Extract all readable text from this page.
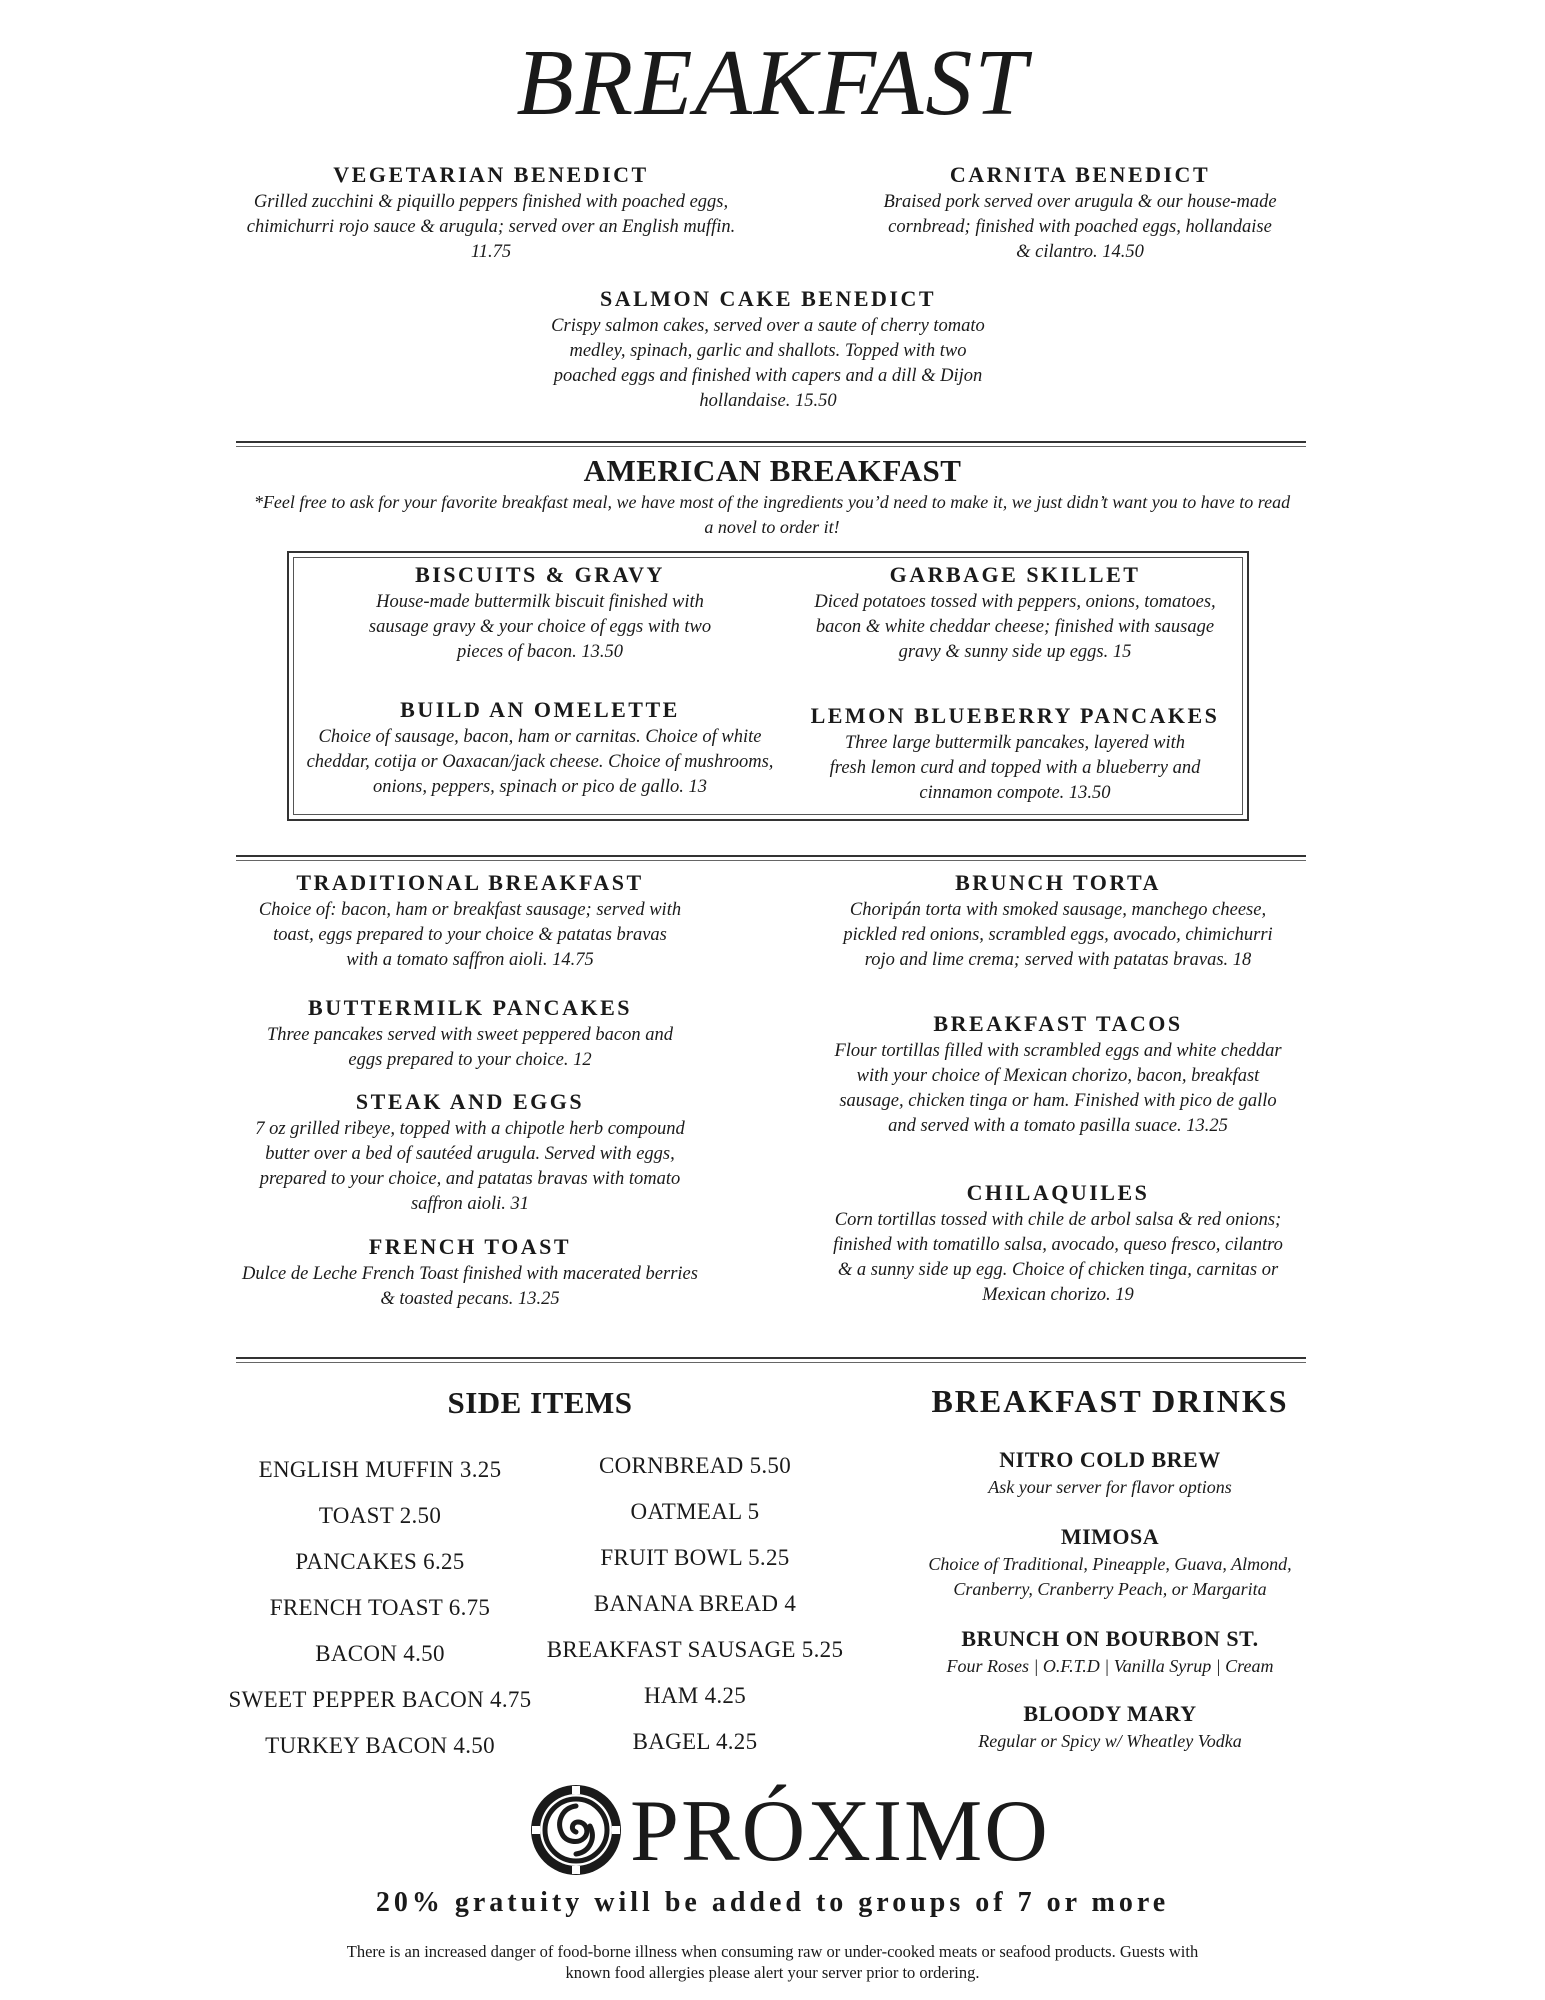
BREAKFAST
VEGETARIAN BENEDICT
Grilled zucchini & piquillo peppers finished with poached eggs, chimichurri rojo sauce & arugula; served over an English muffin. 11.75
CARNITA BENEDICT
Braised pork served over arugula & our house-made cornbread; finished with poached eggs, hollandaise & cilantro. 14.50
SALMON CAKE BENEDICT
Crispy salmon cakes, served over a saute of cherry tomato medley, spinach, garlic and shallots. Topped with two poached eggs and finished with capers and a dill & Dijon hollandaise. 15.50
AMERICAN BREAKFAST
*Feel free to ask for your favorite breakfast meal, we have most of the ingredients you’d need to make it, we just didn’t want you to have to read a novel to order it!
BISCUITS & GRAVY
House-made buttermilk biscuit finished with sausage gravy & your choice of eggs with two pieces of bacon. 13.50
GARBAGE SKILLET
Diced potatoes tossed with peppers, onions, tomatoes, bacon & white cheddar cheese; finished with sausage gravy & sunny side up eggs. 15
BUILD AN OMELETTE
Choice of sausage, bacon, ham or carnitas. Choice of white cheddar, cotija or Oaxacan/jack cheese. Choice of mushrooms, onions, peppers, spinach or pico de gallo. 13
LEMON BLUEBERRY PANCAKES
Three large buttermilk pancakes, layered with fresh lemon curd and topped with a blueberry and cinnamon compote. 13.50
TRADITIONAL BREAKFAST
Choice of: bacon, ham or breakfast sausage; served with toast, eggs prepared to your choice & patatas bravas with a tomato saffron aioli. 14.75
BUTTERMILK PANCAKES
Three pancakes served with sweet peppered bacon and eggs prepared to your choice. 12
STEAK AND EGGS
7 oz grilled ribeye, topped with a chipotle herb compound butter over a bed of sautéed arugula. Served with eggs, prepared to your choice, and patatas bravas with tomato saffron aioli. 31
FRENCH TOAST
Dulce de Leche French Toast finished with macerated berries & toasted pecans. 13.25
BRUNCH TORTA
Choripán torta with smoked sausage, manchego cheese, pickled red onions, scrambled eggs, avocado, chimichurri rojo and lime crema; served with patatas bravas. 18
BREAKFAST TACOS
Flour tortillas filled with scrambled eggs and white cheddar with your choice of Mexican chorizo, bacon, breakfast sausage, chicken tinga or ham. Finished with pico de gallo and served with a tomato pasilla suace. 13.25
CHILAQUILES
Corn tortillas tossed with chile de arbol salsa & red onions; finished with tomatillo salsa, avocado, queso fresco, cilantro & a sunny side up egg. Choice of chicken tinga, carnitas or Mexican chorizo. 19
SIDE ITEMS
ENGLISH MUFFIN 3.25
TOAST 2.50
PANCAKES 6.25
FRENCH TOAST 6.75
BACON 4.50
SWEET PEPPER BACON 4.75
TURKEY BACON 4.50
CORNBREAD 5.50
OATMEAL 5
FRUIT BOWL 5.25
BANANA BREAD 4
BREAKFAST SAUSAGE 5.25
HAM 4.25
BAGEL 4.25
BREAKFAST DRINKS
NITRO COLD BREW
Ask your server for flavor options
MIMOSA
Choice of Traditional, Pineapple, Guava, Almond, Cranberry, Cranberry Peach, or Margarita
BRUNCH ON BOURBON ST.
Four Roses | O.F.T.D | Vanilla Syrup | Cream
BLOODY MARY
Regular or Spicy w/ Wheatley Vodka
PRÓXIMO
20% gratuity will be added to groups of 7 or more
There is an increased danger of food-borne illness when consuming raw or under-cooked meats or seafood products. Guests with known food allergies please alert your server prior to ordering.
